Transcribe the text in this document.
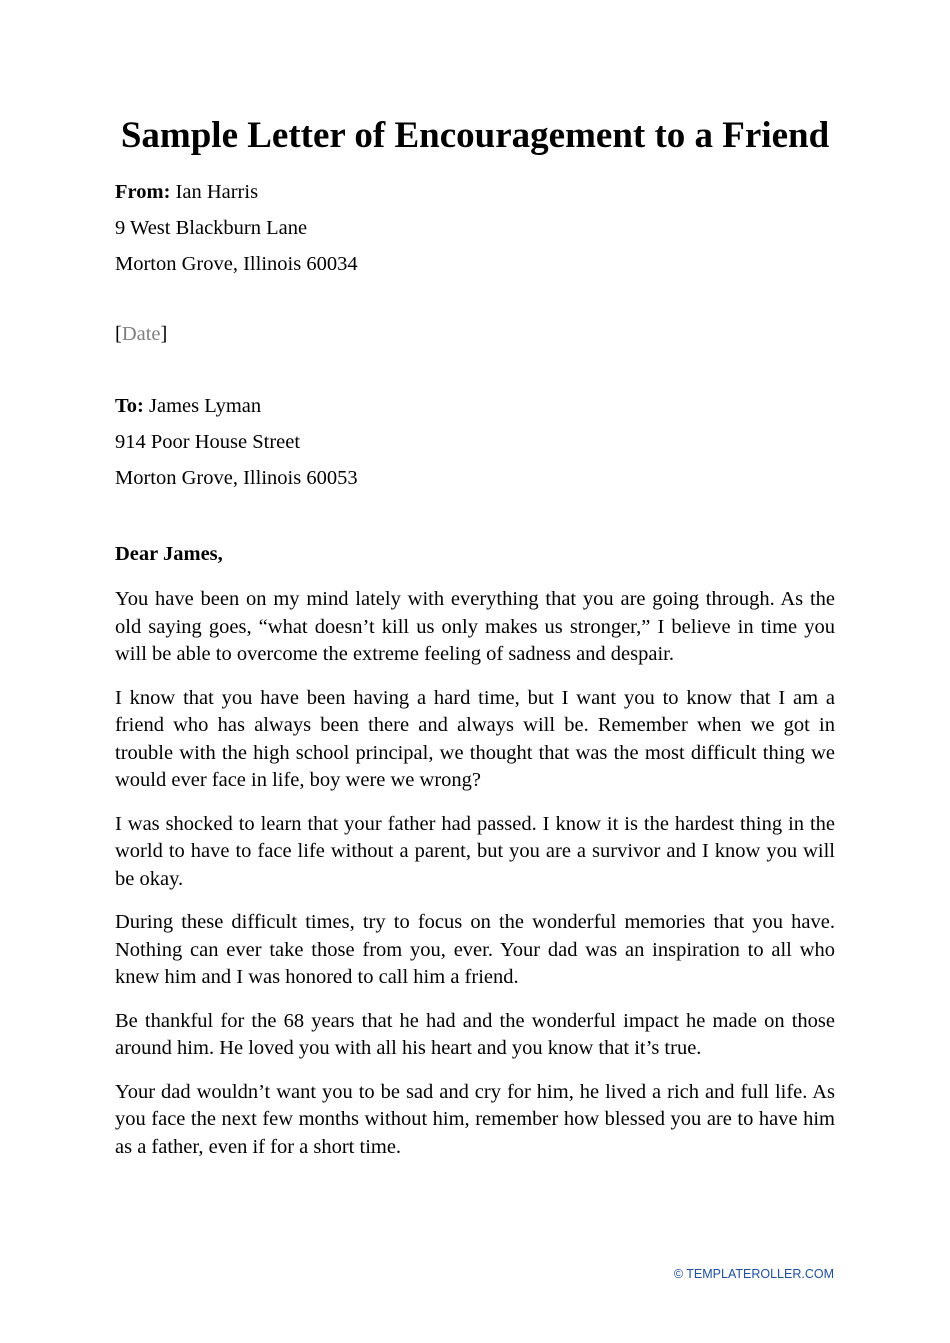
Sample Letter of Encouragement to a Friend
From: Ian Harris
9 West Blackburn Lane
Morton Grove, Illinois 60034
[Date]
To: James Lyman
914 Poor House Street
Morton Grove, Illinois 60053
Dear James,

You have been on my mind lately with everything that you are going through. As the old saying goes, “what doesn’t kill us only makes us stronger,” I believe in time you will be able to overcome the extreme feeling of sadness and despair.

I know that you have been having a hard time, but I want you to know that I am a friend who has always been there and always will be. Remember when we got in trouble with the high school principal, we thought that was the most difficult thing we would ever face in life, boy were we wrong?

I was shocked to learn that your father had passed. I know it is the hardest thing in the world to have to face life without a parent, but you are a survivor and I know you will be okay.

During these difficult times, try to focus on the wonderful memories that you have. Nothing can ever take those from you, ever. Your dad was an inspiration to all who knew him and I was honored to call him a friend.

Be thankful for the 68 years that he had and the wonderful impact he made on those around him. He loved you with all his heart and you know that it’s true.

Your dad wouldn’t want you to be sad and cry for him, he lived a rich and full life. As you face the next few months without him, remember how blessed you are to have him as a father, even if for a short time.

© TEMPLATEROLLER.COM
